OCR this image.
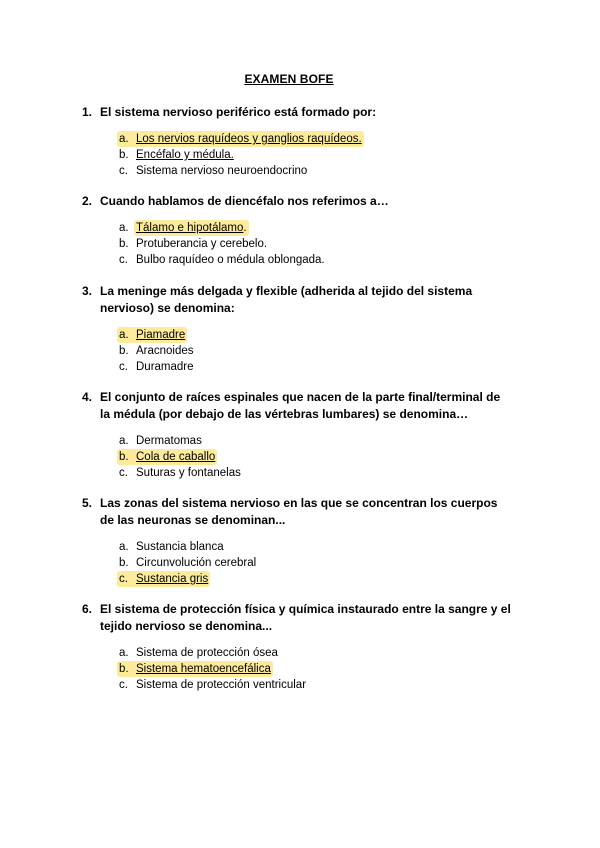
EXAMEN BOFE
1. El sistema nervioso periférico está formado por:
a. Los nervios raquídeos y ganglios raquídeos.
b. Encéfalo y médula.
c. Sistema nervioso neuroendocrino
2. Cuando hablamos de diencéfalo nos referimos a…
a. Tálamo e hipotálamo.
b. Protuberancia y cerebelo.
c. Bulbo raquídeo o médula oblongada.
3. La meninge más delgada y flexible (adherida al tejido del sistema nervioso) se denomina:
a. Piamadre
b. Aracnoides
c. Duramadre
4. El conjunto de raíces espinales que nacen de la parte final/terminal de la médula (por debajo de las vértebras lumbares) se denomina…
a. Dermatomas
b. Cola de caballo
c. Suturas y fontanelas
5. Las zonas del sistema nervioso en las que se concentran los cuerpos de las neuronas se denominan...
a. Sustancia blanca
b. Circunvolución cerebral
c. Sustancia gris
6. El sistema de protección física y química instaurado entre la sangre y el tejido nervioso se denomina...
a. Sistema de protección ósea
b. Sistema hematoencefálica
c. Sistema de protección ventricular
